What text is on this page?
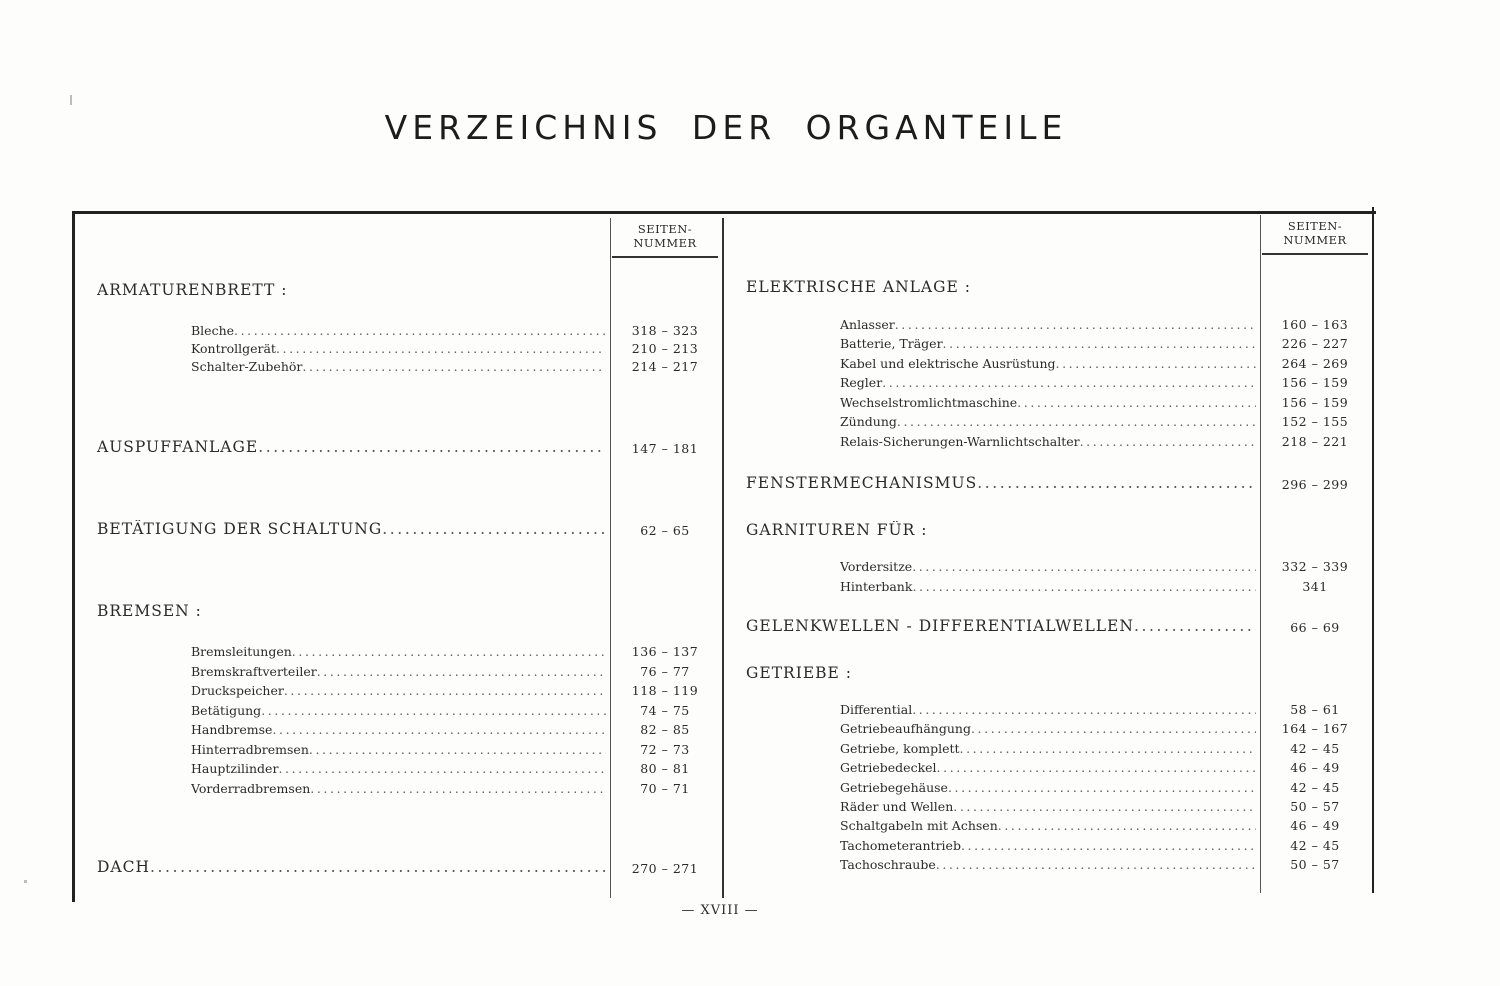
VERZEICHNIS DER ORGANTEILE
SEITEN-
NUMMER
SEITEN-
NUMMER
ARMATURENBRETT :
Bleche .....	318 – 323
Kontrollgerät .....	210 – 213
Schalter-Zubehör .....	214 – 217
AUSPUFFANLAGE .....	147 – 181
BETÄTIGUNG DER SCHALTUNG .....	62 – 65
BREMSEN :
Bremsleitungen .....	136 – 137
Bremskraftverteiler .....	76 – 77
Druckspeicher .....	118 – 119
Betätigung .....	74 – 75
Handbremse .....	82 – 85
Hinterradbremsen .....	72 – 73
Hauptzilinder .....	80 – 81
Vorderradbremsen .....	70 – 71
DACH .....	270 – 271
ELEKTRISCHE ANLAGE :
Anlasser .....	160 – 163
Batterie, Träger .....	226 – 227
Kabel und elektrische Ausrüstung .....	264 – 269
Regler .....	156 – 159
Wechselstromlichtmaschine .....	156 – 159
Zündung .....	152 – 155
Relais-Sicherungen-Warnlichtschalter .....	218 – 221
FENSTERMECHANISMUS .....	296 – 299
GARNITUREN FÜR :
Vordersitze .....	332 – 339
Hinterbank .....	341
GELENKWELLEN - DIFFERENTIALWELLEN .....	66 – 69
GETRIEBE :
Differential .....	58 – 61
Getriebeaufhängung .....	164 – 167
Getriebe, komplett .....	42 – 45
Getriebedeckel .....	46 – 49
Getriebegehäuse .....	42 – 45
Räder und Wellen .....	50 – 57
Schaltgabeln mit Achsen .....	46 – 49
Tachometerantrieb .....	42 – 45
Tachoschraube .....	50 – 57
— XVIII —
